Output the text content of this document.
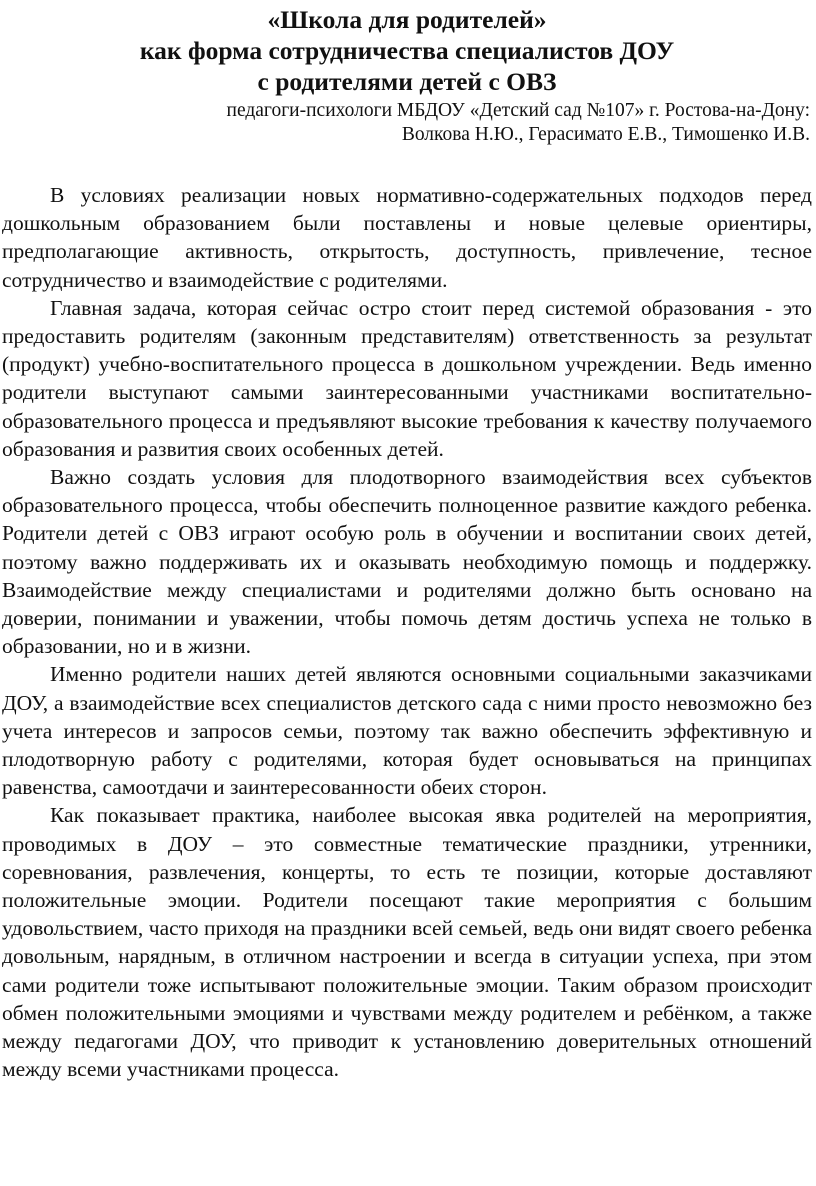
«Школа для родителей»
как форма сотрудничества специалистов ДОУ
с родителями детей с ОВЗ
педагоги-психологи МБДОУ «Детский сад №107» г. Ростова-на-Дону:
Волкова Н.Ю., Герасимато Е.В., Тимошенко И.В.

В условиях реализации новых нормативно-содержательных подходов перед дошкольным образованием были поставлены и новые целевые ориентиры, предполагающие активность, открытость, доступность, привлечение, тесное сотрудничество и взаимодействие с родителями.

Главная задача, которая сейчас остро стоит перед системой образования - это предоставить родителям (законным представителям) ответственность за результат (продукт) учебно-воспитательного процесса в дошкольном учреждении. Ведь именно родители выступают самыми заинтересованными участниками воспитательно-образовательного процесса и предъявляют высокие требования к качеству получаемого образования и развития своих особенных детей.

Важно создать условия для плодотворного взаимодействия всех субъектов образовательного процесса, чтобы обеспечить полноценное развитие каждого ребенка. Родители детей с ОВЗ играют особую роль в обучении и воспитании своих детей, поэтому важно поддерживать их и оказывать необходимую помощь и поддержку. Взаимодействие между специалистами и родителями должно быть основано на доверии, понимании и уважении, чтобы помочь детям достичь успеха не только в образовании, но и в жизни.

Именно родители наших детей являются основными социальными заказчиками ДОУ, а взаимодействие всех специалистов детского сада с ними просто невозможно без учета интересов и запросов семьи, поэтому так важно обеспечить эффективную и плодотворную работу с родителями, которая будет основываться на принципах равенства, самоотдачи и заинтересованности обеих сторон.

Как показывает практика, наиболее высокая явка родителей на мероприятия, проводимых в ДОУ – это совместные тематические праздники, утренники, соревнования, развлечения, концерты, то есть те позиции, которые доставляют положительные эмоции. Родители посещают такие мероприятия с большим удовольствием, часто приходя на праздники всей семьей, ведь они видят своего ребенка довольным, нарядным, в отличном настроении и всегда в ситуации успеха, при этом сами родители тоже испытывают положительные эмоции. Таким образом происходит обмен положительными эмоциями и чувствами между родителем и ребёнком, а также между педагогами ДОУ, что приводит к установлению доверительных отношений между всеми участниками процесса.
